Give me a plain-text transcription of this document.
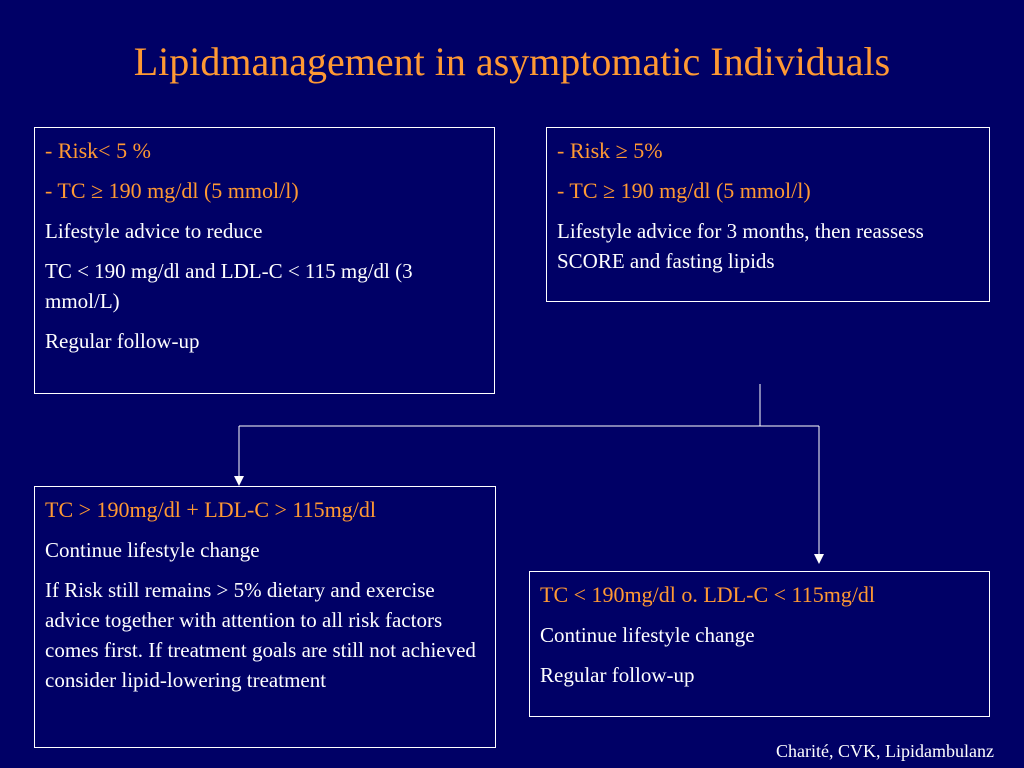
Lipidmanagement in asymptomatic Individuals

- Risk< 5 %

- TC ≥ 190 mg/dl (5 mmol/l)

Lifestyle advice to reduce

TC < 190 mg/dl and LDL-C < 115 mg/dl (3 mmol/L)

Regular follow-up

- Risk ≥ 5%

- TC ≥ 190 mg/dl (5 mmol/l)

Lifestyle advice for 3 months, then reassess SCORE and fasting lipids

TC > 190mg/dl + LDL-C > 115mg/dl

Continue lifestyle change

If Risk still remains > 5% dietary and exercise advice together with attention to all risk factors comes first. If treatment goals are still not achieved consider lipid-lowering treatment

TC < 190mg/dl o. LDL-C < 115mg/dl

Continue lifestyle change

Regular follow-up

Charité, CVK, Lipidambulanz
